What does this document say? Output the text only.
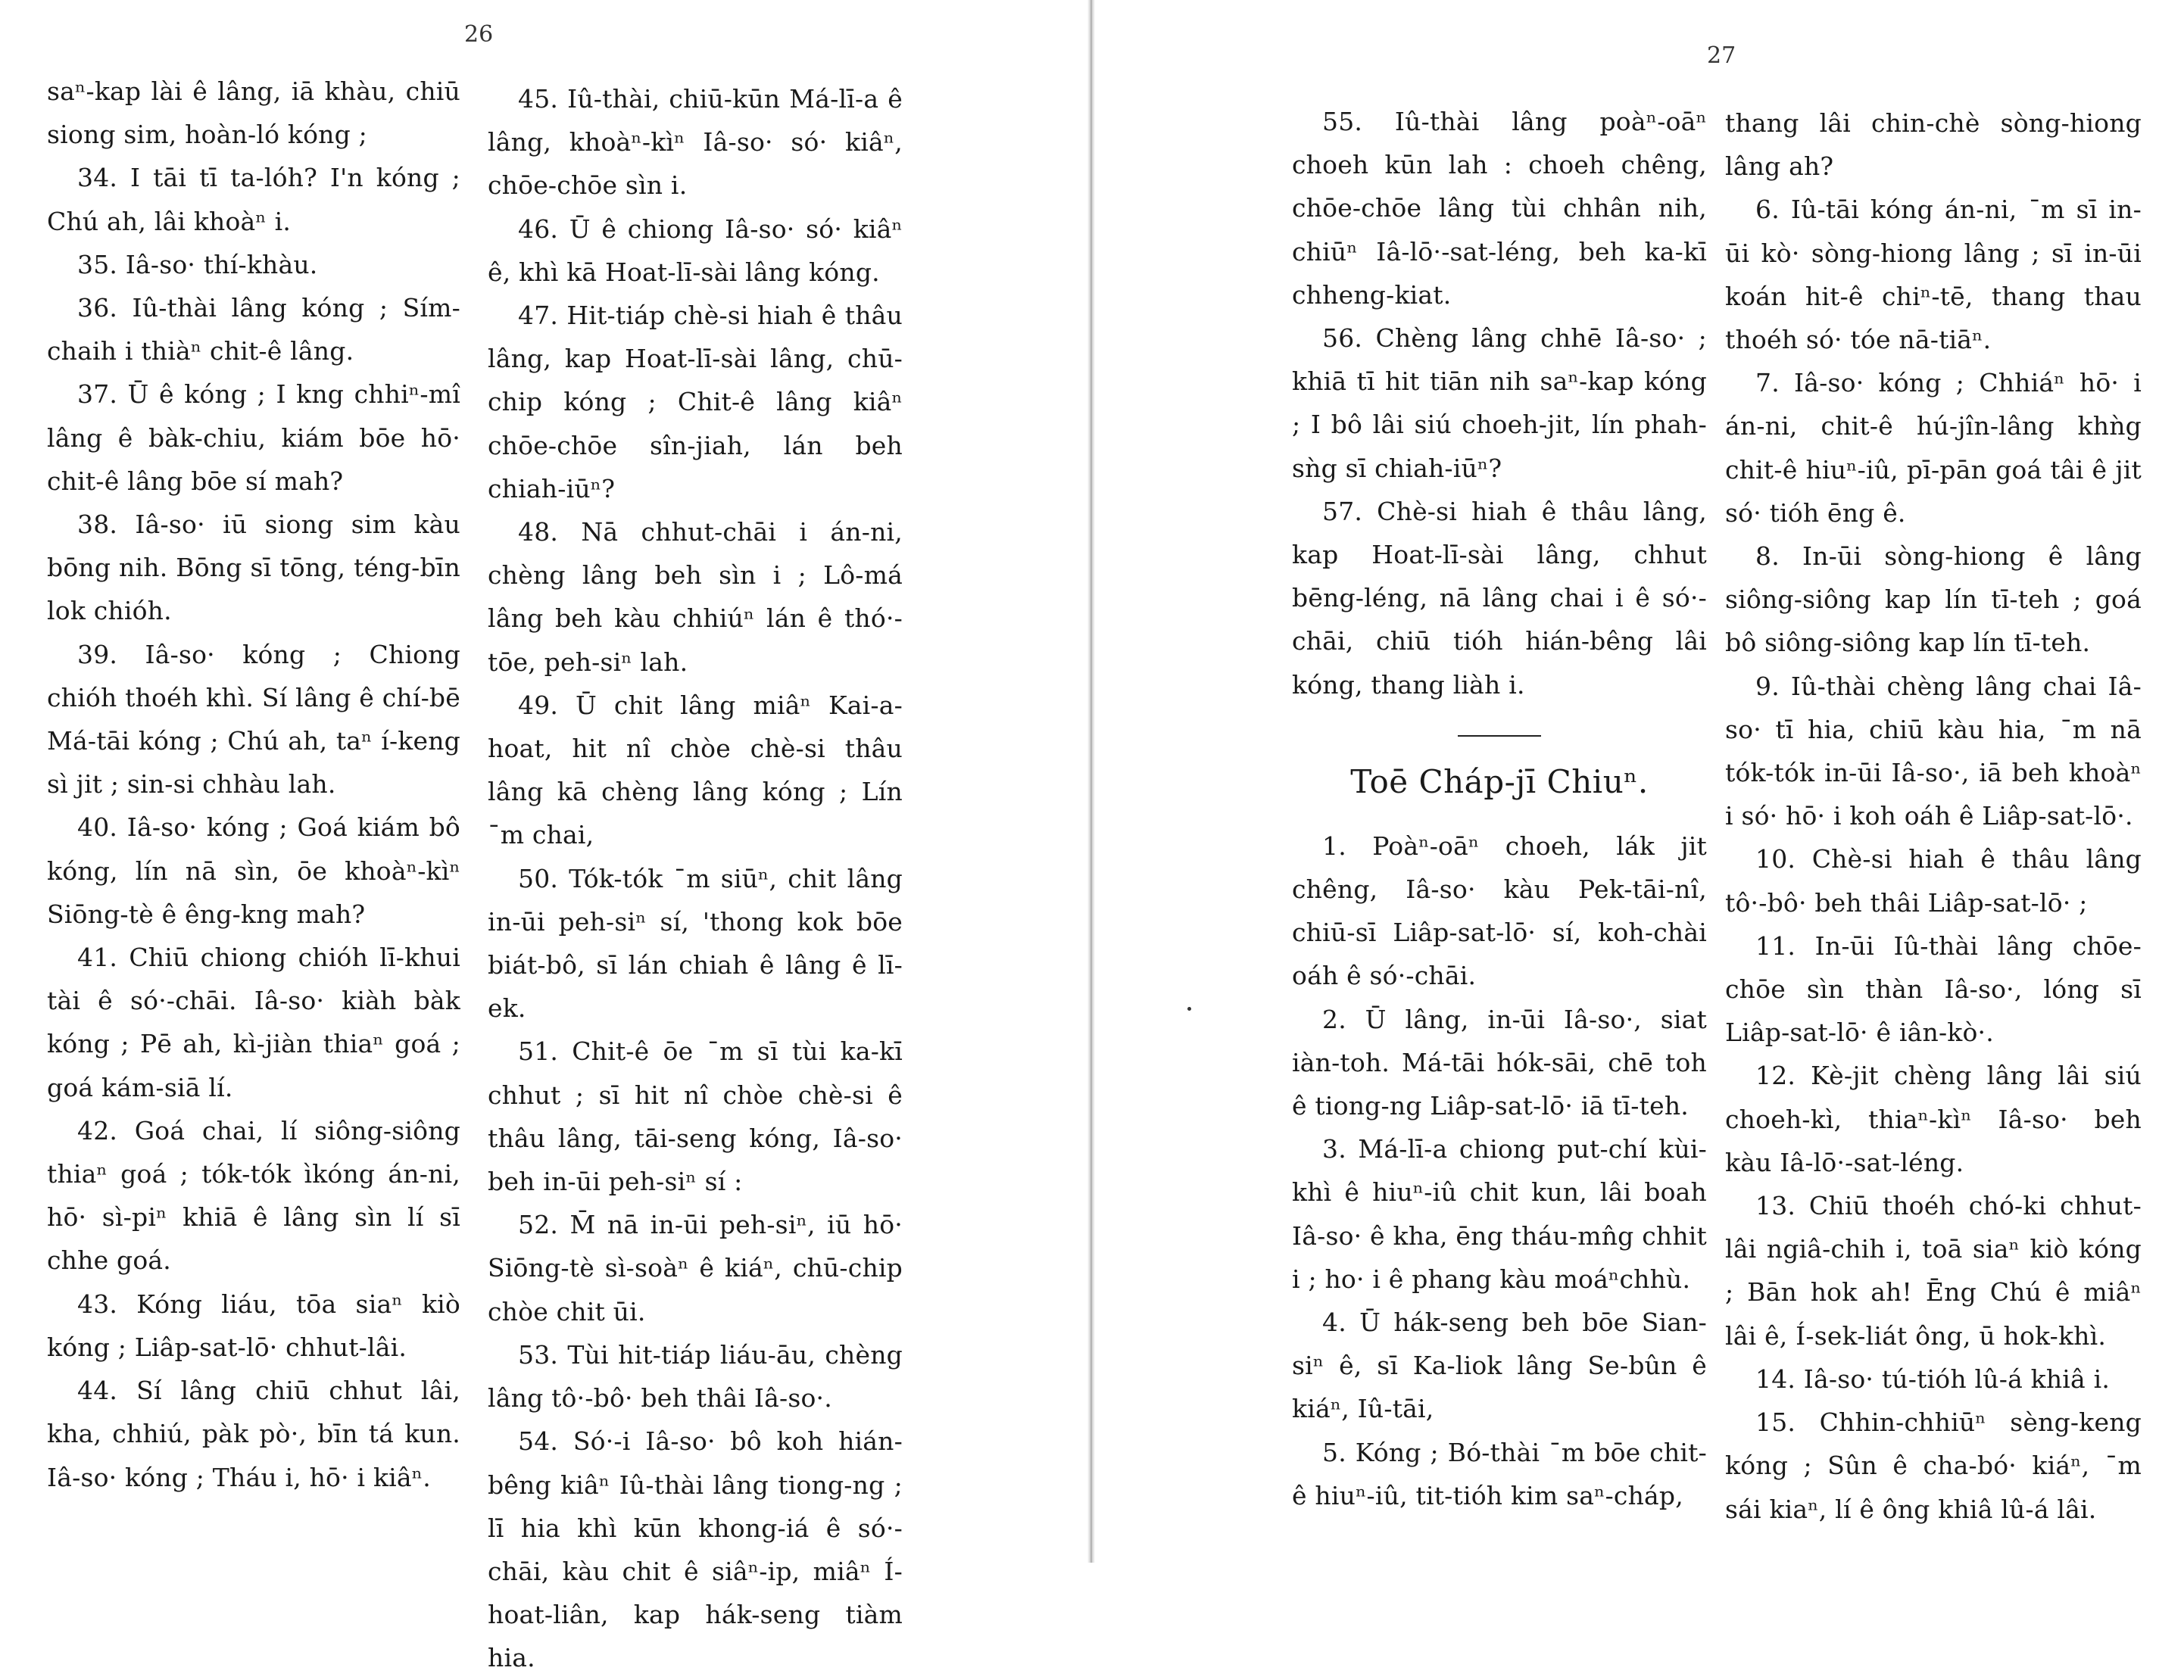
26

saⁿ-kap lài ê lâng, iā khàu, chiū siong sim, hoàn-ló kóng ;

34. I tāi tī ta-lóh? I'n kóng ; Chú ah, lâi khoàⁿ i.

35. Iâ-so· thí-khàu.

36. Iû-thài lâng kóng ; Sím-chaih i thiàⁿ chit-ê lâng.

37. Ū ê kóng ; I kng chhiⁿ-mî lâng ê bàk-chiu, kiám bōe hō· chit-ê lâng bōe sí mah?

38. Iâ-so· iū siong sim kàu bōng nih. Bōng sī tōng, téng-bīn lok chióh.

39. Iâ-so· kóng ; Chiong chióh thoéh khì. Sí lâng ê chí-bē Má-tāi kóng ; Chú ah, taⁿ í-keng sì jit ; sin-si chhàu lah.

40. Iâ-so· kóng ; Goá kiám bô kóng, lín nā sìn, ōe khoàⁿ-kìⁿ Siōng-tè ê êng-kng mah?

41. Chiū chiong chióh lī-khui tài ê só·-chāi. Iâ-so· kiàh bàk kóng ; Pē ah, kì-jiàn thiaⁿ goá ; goá kám-siā lí.

42. Goá chai, lí siông-siông thiaⁿ goá ; tók-tók ìkóng án-ni, hō· sì-piⁿ khiā ê lâng sìn lí sī chhe goá.

43. Kóng liáu, tōa siaⁿ kiò kóng ; Liâp-sat-lō· chhut-lâi.

44. Sí lâng chiū chhut lâi, kha, chhiú, pàk pò·, bīn tá kun. Iâ-so· kóng ; Tháu i, hō· i kiâⁿ.

45. Iû-thài, chiū-kūn Má-lī-a ê lâng, khoàⁿ-kìⁿ Iâ-so· só· kiâⁿ, chōe-chōe sìn i.

46. Ū ê chiong Iâ-so· só· kiâⁿ ê, khì kā Hoat-lī-sài lâng kóng.

47. Hit-tiáp chè-si hiah ê thâu lâng, kap Hoat-lī-sài lâng, chū-chip kóng ; Chit-ê lâng kiâⁿ chōe-chōe sîn-jiah, lán beh chiah-iūⁿ?

48. Nā chhut-chāi i án-ni, chèng lâng beh sìn i ; Lô-má lâng beh kàu chhiúⁿ lán ê thó·-tōe, peh-siⁿ lah.

49. Ū chit lâng miâⁿ Kai-a-hoat, hit nî chòe chè-si thâu lâng kā chèng lâng kóng ; Lín ˉm chai,

50. Tók-tók ˉm siūⁿ, chit lâng in-ūi peh-siⁿ sí, 'thong kok bōe biát-bô, sī lán chiah ê lâng ê lī-ek.

51. Chit-ê ōe ˉm sī tùi ka-kī chhut ; sī hit nî chòe chè-si ê thâu lâng, tāi-seng kóng, Iâ-so· beh in-ūi peh-siⁿ sí :

52. M̄ nā in-ūi peh-siⁿ, iū hō· Siōng-tè sì-soàⁿ ê kiáⁿ, chū-chip chòe chit ūi.

53. Tùi hit-tiáp liáu-āu, chèng lâng tô·-bô· beh thâi Iâ-so·.

54. Só·-i Iâ-so· bô koh hián-bêng kiâⁿ Iû-thài lâng tiong-ng ; lī hia khì kūn khong-iá ê só·-chāi, kàu chit ê siâⁿ-ip, miâⁿ Í-hoat-liân, kap hák-seng tiàm hia.

27

55. Iû-thài lâng poàⁿ-oāⁿ choeh kūn lah : choeh chêng, chōe-chōe lâng tùi chhân nih, chiūⁿ Iâ-lō·-sat-léng, beh ka-kī chheng-kiat.

56. Chèng lâng chhē Iâ-so· ; khiā tī hit tiān nih saⁿ-kap kóng ; I bô lâi siú choeh-jit, lín phah-sǹg sī chiah-iūⁿ?

57. Chè-si hiah ê thâu lâng, kap Hoat-lī-sài lâng, chhut bēng-léng, nā lâng chai i ê só·-chāi, chiū tióh hián-bêng lâi kóng, thang liàh i.

Toē Cháp-jī Chiuⁿ.

1. Poàⁿ-oāⁿ choeh, lák jit chêng, Iâ-so· kàu Pek-tāi-nî, chiū-sī Liâp-sat-lō· sí, koh-chài oáh ê só·-chāi.

2. Ū lâng, in-ūi Iâ-so·, siat iàn-toh. Má-tāi hók-sāi, chē toh ê tiong-ng Liâp-sat-lō· iā tī-teh.

3. Má-lī-a chiong put-chí kùi-khì ê hiuⁿ-iû chit kun, lâi boah Iâ-so· ê kha, ēng tháu-mn̂g chhit i ; ho· i ê phang kàu moáⁿchhù.

4. Ū hák-seng beh bōe Sian-siⁿ ê, sī Ka-liok lâng Se-bûn ê kiáⁿ, Iû-tāi,

5. Kóng ; Bó-thài ˉm bōe chit-ê hiuⁿ-iû, tit-tióh kim saⁿ-cháp,

thang lâi chin-chè sòng-hiong lâng ah?

6. Iû-tāi kóng án-ni, ˉm sī in-ūi kò· sòng-hiong lâng ; sī in-ūi koán hit-ê chiⁿ-tē, thang thau thoéh só· tóe nā-tiāⁿ.

7. Iâ-so· kóng ; Chhiáⁿ hō· i án-ni, chit-ê hú-jîn-lâng khǹg chit-ê hiuⁿ-iû, pī-pān goá tâi ê jit só· tióh ēng ê.

8. In-ūi sòng-hiong ê lâng siông-siông kap lín tī-teh ; goá bô siông-siông kap lín tī-teh.

9. Iû-thài chèng lâng chai Iâ-so· tī hia, chiū kàu hia, ˉm nā tók-tók in-ūi Iâ-so·, iā beh khoàⁿ i só· hō· i koh oáh ê Liâp-sat-lō·.

10. Chè-si hiah ê thâu lâng tô·-bô· beh thâi Liâp-sat-lō· ;

11. In-ūi Iû-thài lâng chōe-chōe sìn thàn Iâ-so·, lóng sī Liâp-sat-lō· ê iân-kò·.

12. Kè-jit chèng lâng lâi siú choeh-kì, thiaⁿ-kìⁿ Iâ-so· beh kàu Iâ-lō·-sat-léng.

13. Chiū thoéh chó-ki chhut-lâi ngiâ-chih i, toā siaⁿ kiò kóng ; Bān hok ah! Ēng Chú ê miâⁿ lâi ê, Í-sek-liát ông, ū hok-khì.

14. Iâ-so· tú-tióh lû-á khiâ i.

15. Chhin-chhiūⁿ sèng-keng kóng ; Sûn ê cha-bó· kiáⁿ, ˉm sái kiaⁿ, lí ê ông khiâ lû-á lâi.
